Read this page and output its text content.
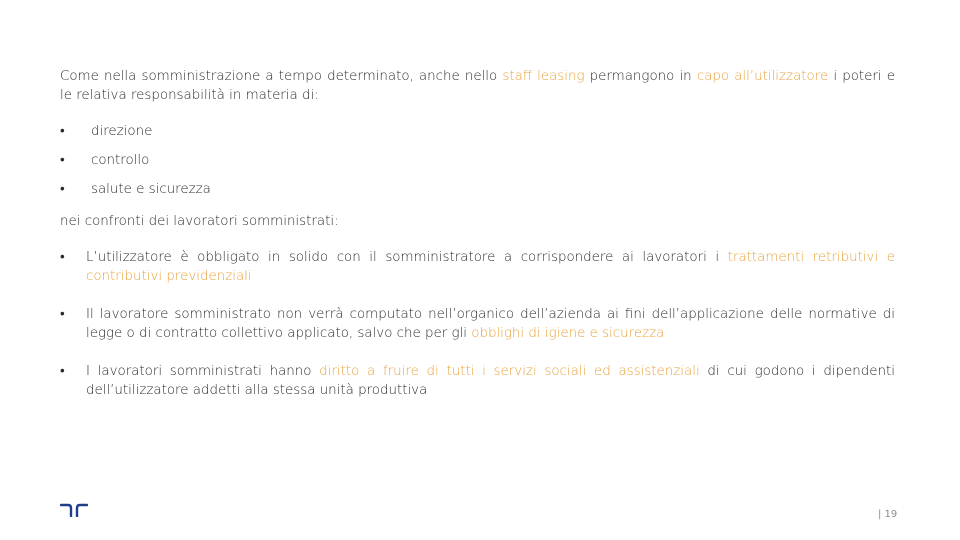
Come nella somministrazione a tempo determinato, anche nello staff leasing permangono in capo all’utilizzatore i poteri e le relativa responsabilità in materia di:

• direzione
• controllo
• salute e sicurezza

nei confronti dei lavoratori somministrati:

• L’utilizzatore è obbligato in solido con il somministratore a corrispondere ai lavoratori i trattamenti retributivi e contributivi previdenziali
• Il lavoratore somministrato non verrà computato nell’organico dell’azienda ai fini dell’applicazione delle normative di legge o di contratto collettivo applicato, salvo che per gli obblighi di igiene e sicurezza
• I lavoratori somministrati hanno diritto a fruire di tutti i servizi sociali ed assistenziali di cui godono i dipendenti dell’utilizzatore addetti alla stessa unità produttiva
| 19
